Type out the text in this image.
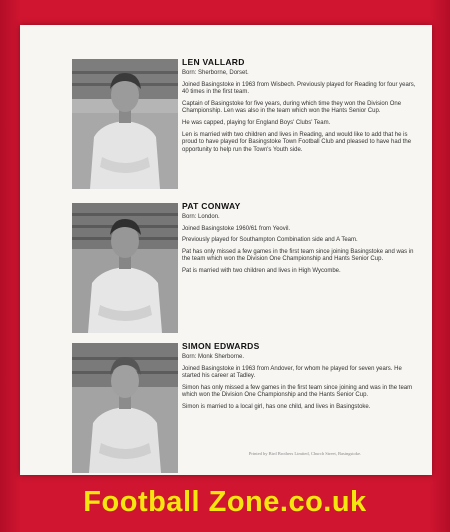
LEN VALLARD
Born: Sherborne, Dorset.
Joined Basingstoke in 1963 from Wisbech. Previously played for Reading for four years, 40 times in the first team.
Captain of Basingstoke for five years, during which time they won the Division One Championship. Len was also in the team which won the Hants Senior Cup.
He was capped, playing for England Boys' Clubs' Team.
Len is married with two children and lives in Reading, and would like to add that he is proud to have played for Basingstoke Town Football Club and pleased to have had the opportunity to help run the Town's Youth side.
PAT CONWAY
Born: London.
Joined Basingstoke 1960/61 from Yeovil.
Previously played for Southampton Combination side and A Team.
Pat has only missed a few games in the first team since joining Basingstoke and was in the team which won the Division One Championship and Hants Senior Cup.
Pat is married with two children and lives in High Wycombe.
SIMON EDWARDS
Born: Monk Sherborne.
Joined Basingstoke in 1963 from Andover, for whom he played for seven years. He started his career at Tadley.
Simon has only missed a few games in the first team since joining and was in the team which won the Division One Championship and the Hants Senior Cup.
Simon is married to a local girl, has one child, and lives in Basingstoke.
Printed by Bird Brothers Limited, Church Street, Basingstoke.
Football Zone.co.uk
